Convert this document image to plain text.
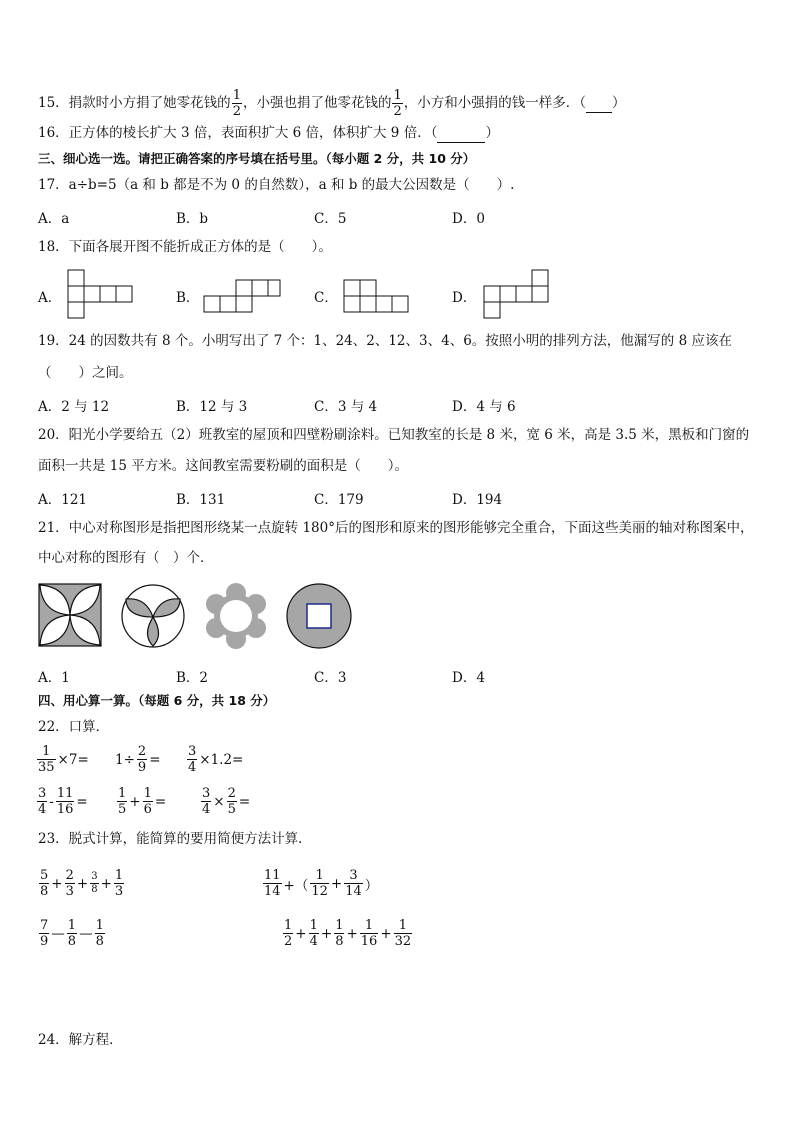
15．捐款时小方捐了她零花钱的 $\frac{1}{2}$ ，小强也捐了他零花钱的 $\frac{1}{2}$ ，小方和小强捐的钱一样多．（ ）
16．正方体的棱长扩大 3 倍，表面积扩大 6 倍，体积扩大 9 倍．（	）
三、细心选一选。请把正确答案的序号填在括号里。（每小题 2 分，共 10 分）
17．a÷b=5（a 和 b 都是不为 0 的自然数），a 和 b 的最大公因数是（　　）.
A．a	B．b	C．5	D．0
18．下面各展开图不能折成正方体的是（　　）。
A．	B．	C．	D．
19．24 的因数共有 8 个。小明写出了 7 个：1、24、2、12、3、4、6。按照小明的排列方法，他漏写的 8 应该在
（　　）之间。
A．2 与 12	B．12 与 3	C．3 与 4	D．4 与 6
20．阳光小学要给五（2）班教室的屋顶和四壁粉刷涂料。已知教室的长是 8 米，宽 6 米，高是 3.5 米，黑板和门窗的
面积一共是 15 平方米。这间教室需要粉刷的面积是（　　）。
A．121	B．131	C．179	D．194
21．中心对称图形是指把图形绕某一点旋转 180°后的图形和原来的图形能够完全重合，下面这些美丽的轴对称图案中，
中心对称的图形有（　）个．
A．1	B．2	C．3	D．4
四、用心算一算。（每题 6 分，共 18 分）
22．口算．
$\frac{1}{35} \times 7= 1\div \frac{2}{9} = \frac{3}{4} \times 1.2=$
$\frac{3}{4} - \frac{11}{16} = \frac{1}{5} + \frac{1}{6}$ =	$\frac{3}{4} \times \frac{2}{5}$ =
23．脱式计算，能简算的要用简便方法计算．
$\frac{5}{8} + \frac{2}{3} + \frac{3}{8} + \frac{1}{3}$	$\frac{11}{14}$ +（ $\frac{1}{12} + \frac{3}{14}$ ）
$\frac{7}{9}$ — $\frac{1}{8}$ — $\frac{1}{8}$	$\frac{1}{2} + \frac{1}{4} + \frac{1}{8} + \frac{1}{16} + \frac{1}{32}$
24．解方程．
